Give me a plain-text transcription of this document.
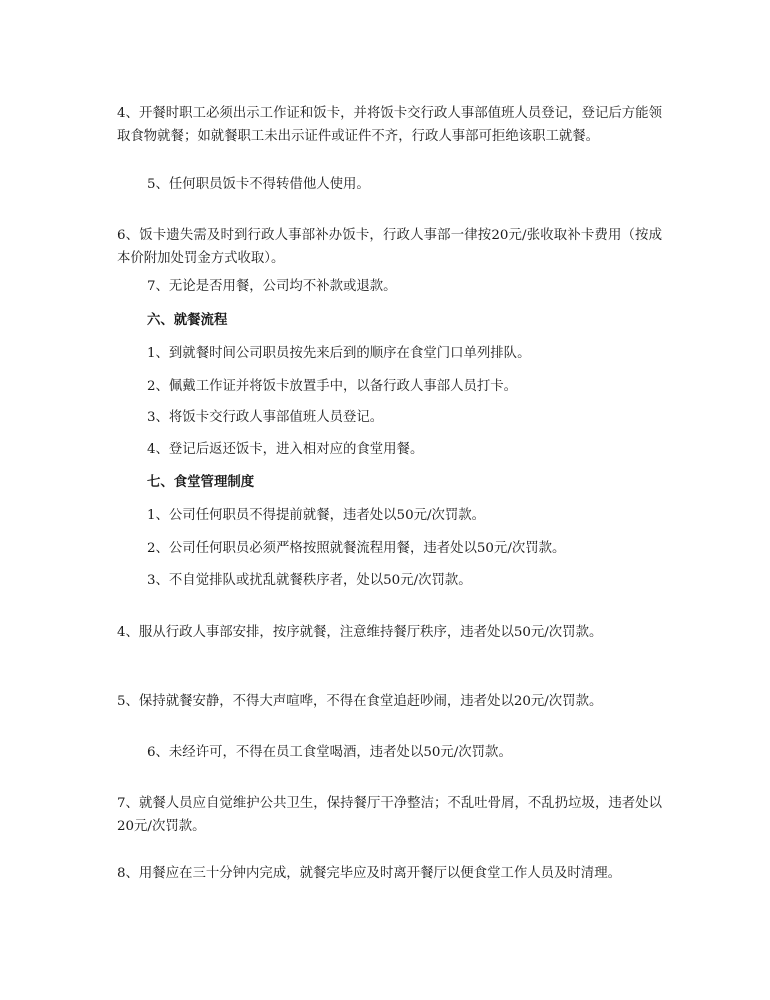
4、开餐时职工必须出示工作证和饭卡，并将饭卡交行政人事部值班人员登记，登记后方能领取食物就餐；如就餐职工未出示证件或证件不齐，行政人事部可拒绝该职工就餐。

5、任何职员饭卡不得转借他人使用。

6、饭卡遗失需及时到行政人事部补办饭卡，行政人事部一律按20元/张收取补卡费用（按成本价附加处罚金方式收取）。

7、无论是否用餐，公司均不补款或退款。

六、就餐流程

1、到就餐时间公司职员按先来后到的顺序在食堂门口单列排队。

2、佩戴工作证并将饭卡放置手中，以备行政人事部人员打卡。

3、将饭卡交行政人事部值班人员登记。

4、登记后返还饭卡，进入相对应的食堂用餐。

七、食堂管理制度

1、公司任何职员不得提前就餐，违者处以50元/次罚款。

2、公司任何职员必须严格按照就餐流程用餐，违者处以50元/次罚款。

3、不自觉排队或扰乱就餐秩序者，处以50元/次罚款。

4、服从行政人事部安排，按序就餐，注意维持餐厅秩序，违者处以50元/次罚款。

5、保持就餐安静，不得大声喧哗，不得在食堂追赶吵闹，违者处以20元/次罚款。

6、未经许可，不得在员工食堂喝酒，违者处以50元/次罚款。

7、就餐人员应自觉维护公共卫生，保持餐厅干净整洁；不乱吐骨屑，不乱扔垃圾，违者处以20元/次罚款。

8、用餐应在三十分钟内完成，就餐完毕应及时离开餐厅以便食堂工作人员及时清理。
